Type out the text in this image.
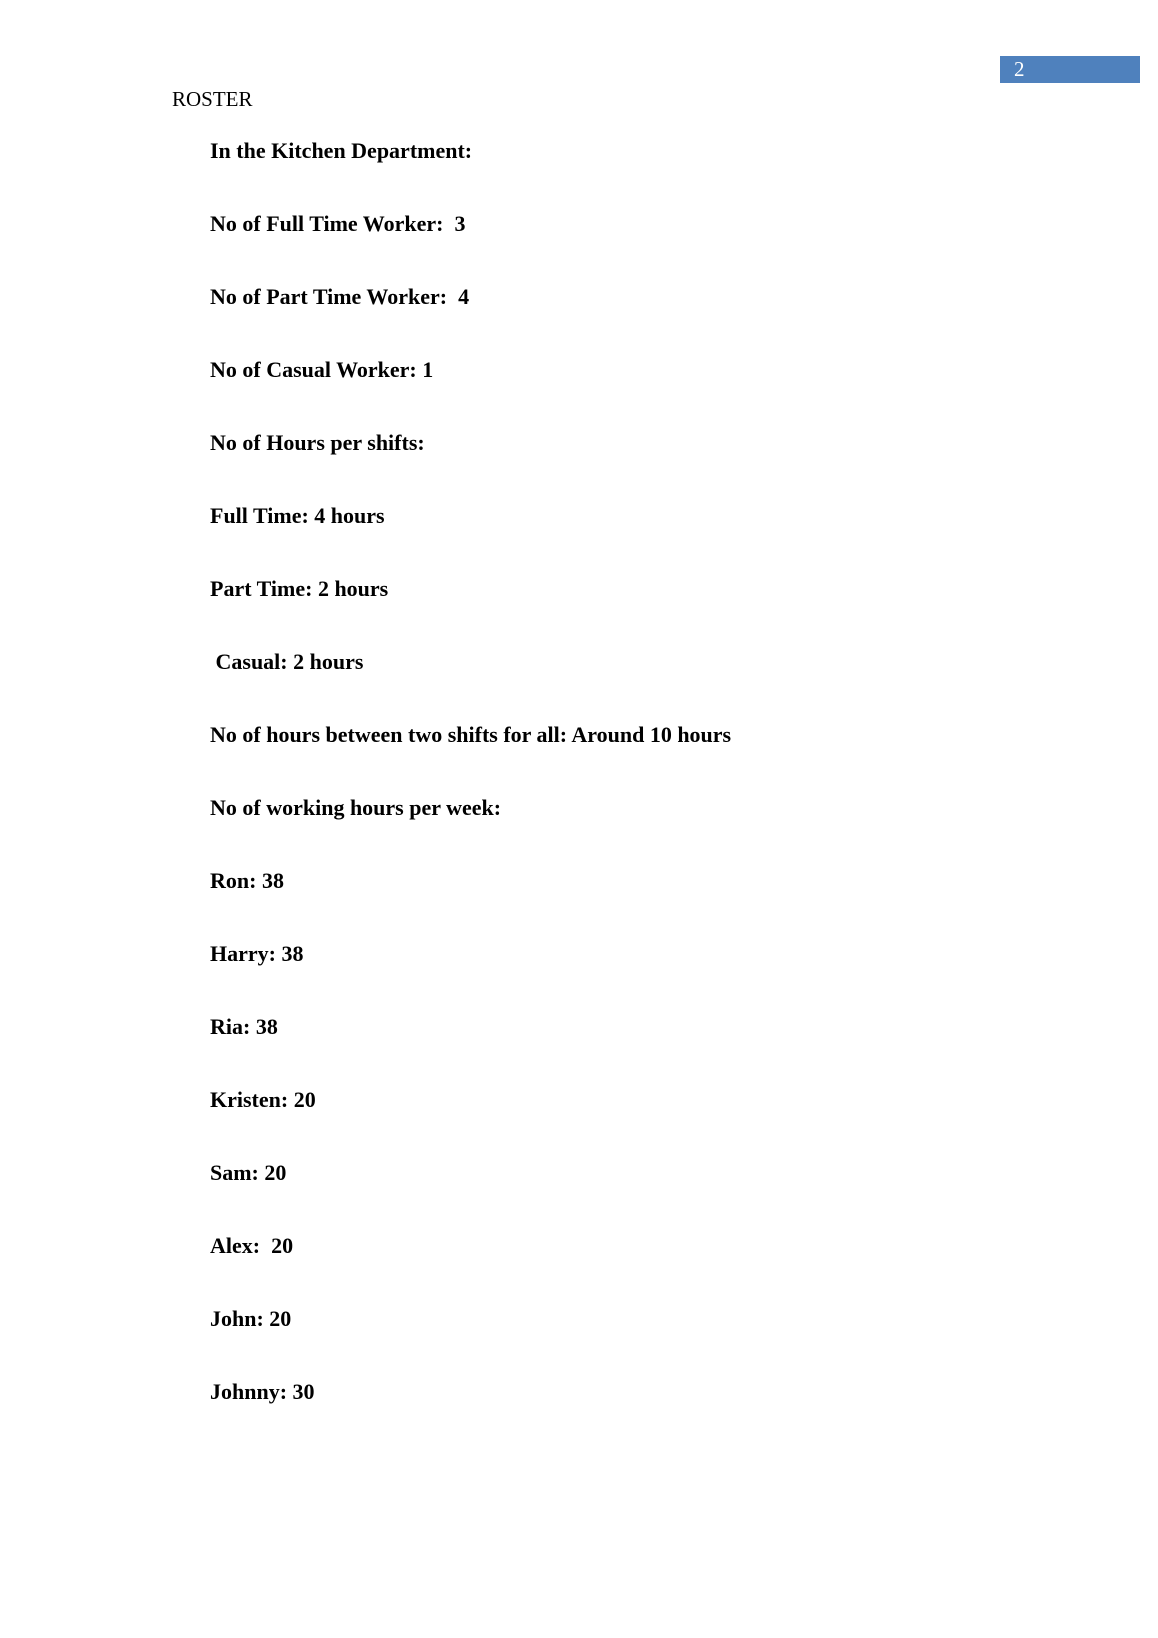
2
ROSTER
In the Kitchen Department:
No of Full Time Worker:  3
No of Part Time Worker:  4
No of Casual Worker: 1
No of Hours per shifts:
Full Time: 4 hours
Part Time: 2 hours
Casual: 2 hours
No of hours between two shifts for all: Around 10 hours
No of working hours per week:
Ron: 38
Harry: 38
Ria: 38
Kristen: 20
Sam: 20
Alex:  20
John: 20
Johnny: 30
